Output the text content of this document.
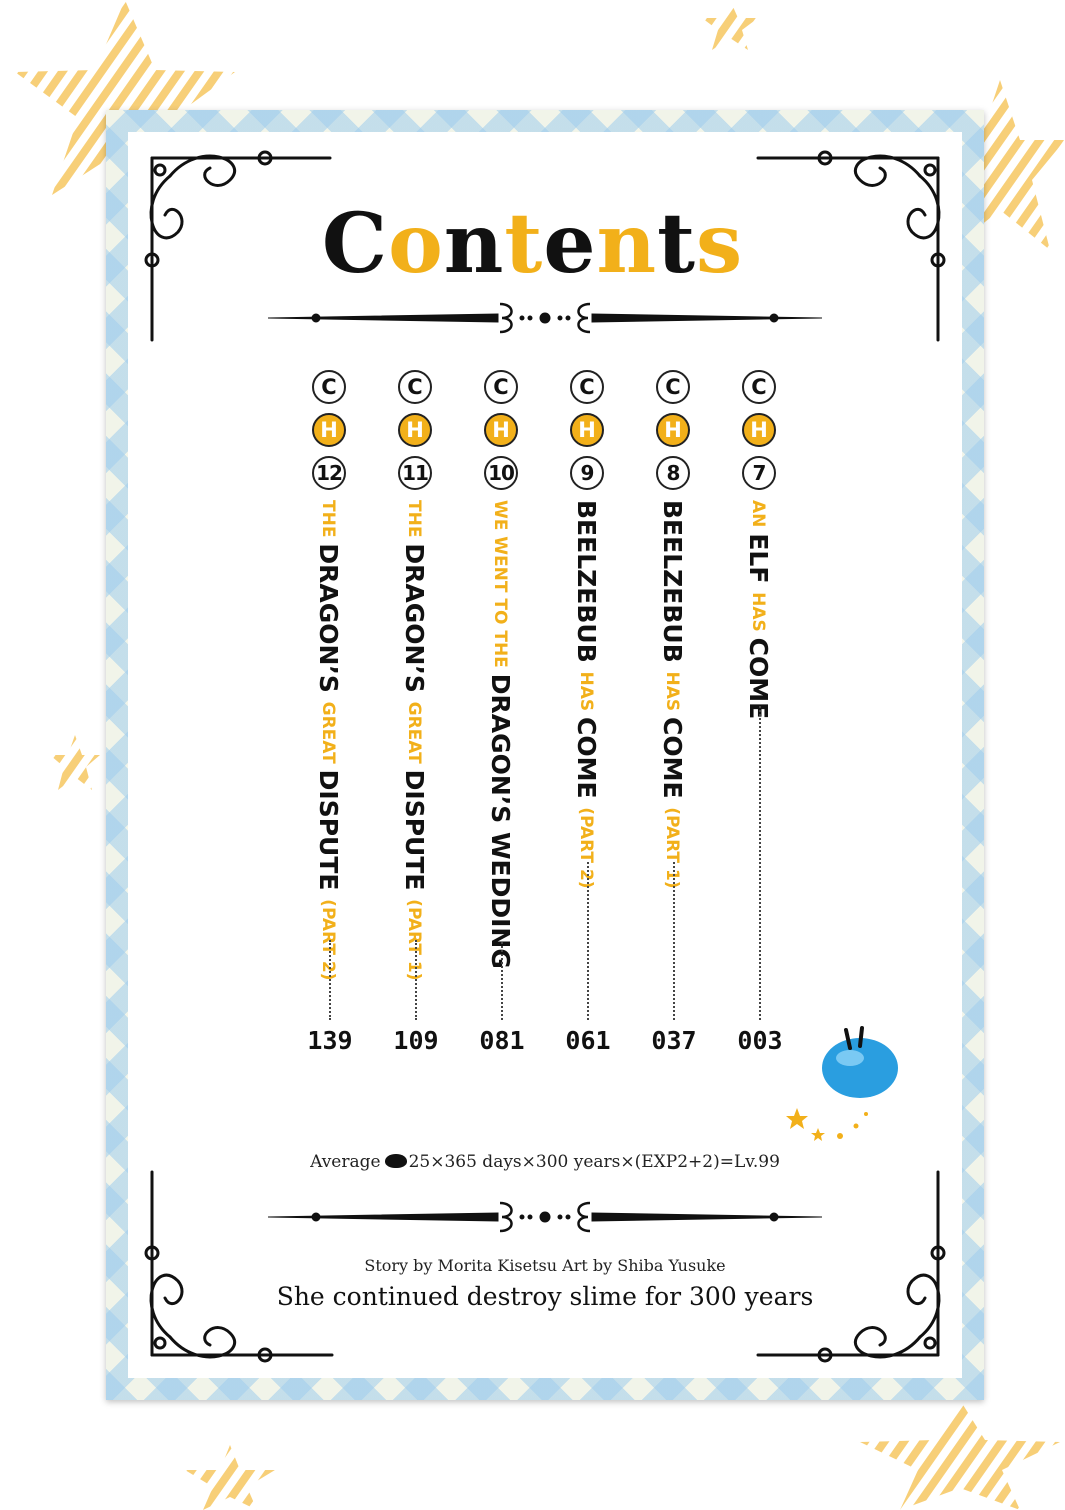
Contents
C
H
12
THE DRAGON’S GREAT DISPUTE (PART 2)
139
C
H
11
THE DRAGON’S GREAT DISPUTE (PART 1)
109
C
H
10
WE WENT TO THE DRAGON’S WEDDING
081
C
H
9
BEELZEBUB HAS COME (PART 2)
061
C
H
8
BEELZEBUB HAS COME (PART 1)
037
C
H
7
AN ELF HAS COME
003
Average 25×365 days×300 years×(EXP2+2)=Lv.99
Story by Morita Kisetsu Art by Shiba Yusuke
She continued destroy slime for 300 years
